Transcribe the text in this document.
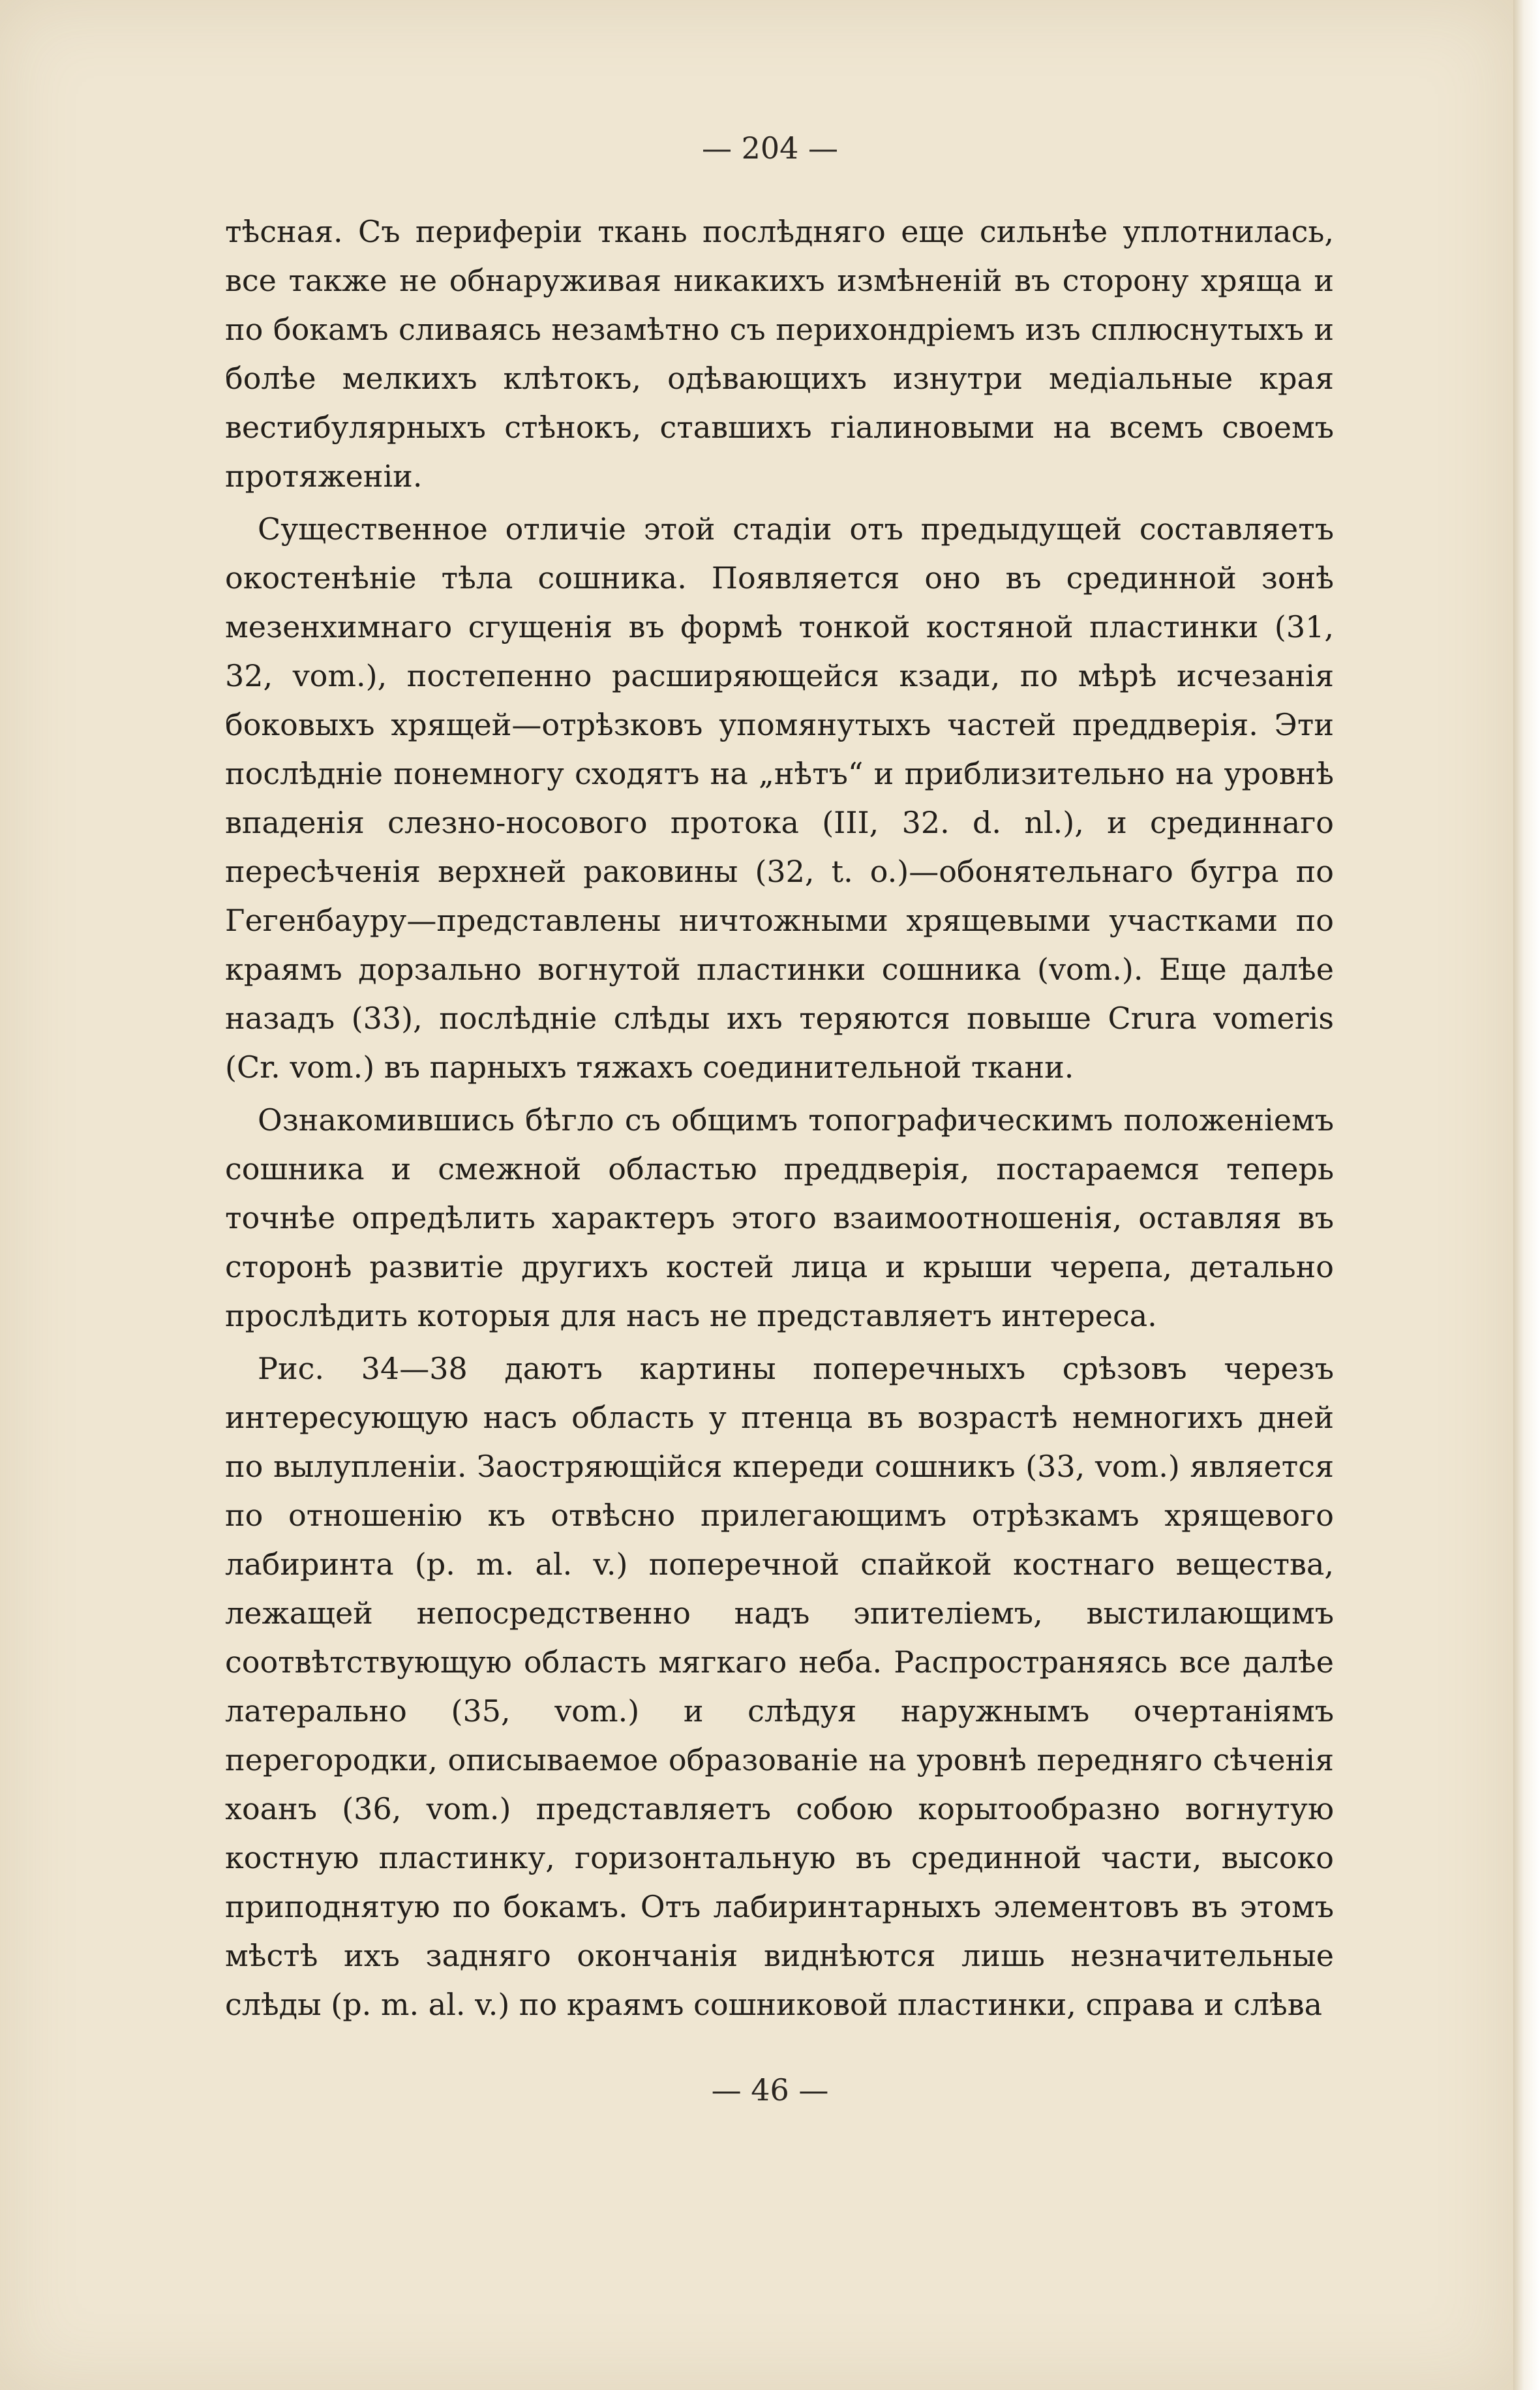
— 204 —

тѣсная. Съ периферіи ткань послѣдняго еще сильнѣе уплотнилась, все также не обнаруживая никакихъ измѣненій въ сторону хряща и по бокамъ сливаясь незамѣтно съ перихондріемъ изъ сплюснутыхъ и болѣе мелкихъ клѣтокъ, одѣвающихъ изнутри медіальные края вестибулярныхъ стѣнокъ, ставшихъ гіалиновыми на всемъ своемъ протяженіи.

Существенное отличіе этой стадіи отъ предыдущей составляетъ окостенѣніе тѣла сошника. Появляется оно въ срединной зонѣ мезенхимнаго сгущенія въ формѣ тонкой костяной пластинки (31, 32, vom.), постепенно расширяющейся кзади, по мѣрѣ исчезанія боковыхъ хрящей—отрѣзковъ упомянутыхъ частей преддверія. Эти послѣдніе понемногу сходятъ на „нѣтъ“ и приблизительно на уровнѣ впаденія слезно-носового протока (III, 32. d. nl.), и срединнаго пересѣченія верхней раковины (32, t. o.)—обонятельнаго бугра по Гегенбауру—представлены ничтожными хрящевыми участками по краямъ дорзально вогнутой пластинки сошника (vom.). Еще далѣе назадъ (33), послѣдніе слѣды ихъ теряются повыше Crura vomeris (Cr. vom.) въ парныхъ тяжахъ соединительной ткани.

Ознакомившись бѣгло съ общимъ топографическимъ положеніемъ сошника и смежной областью преддверія, постараемся теперь точнѣе опредѣлить характеръ этого взаимоотношенія, оставляя въ сторонѣ развитіе другихъ костей лица и крыши черепа, детально прослѣдить которыя для насъ не представляетъ интереса.

Рис. 34—38 даютъ картины поперечныхъ срѣзовъ черезъ интересующую насъ область у птенца въ возрастѣ немногихъ дней по вылупленіи. Заостряющійся кпереди сошникъ (33, vom.) является по отношенію къ отвѣсно прилегающимъ отрѣзкамъ хрящевого лабиринта (p. m. al. v.) поперечной спайкой костнаго вещества, лежащей непосредственно надъ эпителіемъ, выстилающимъ соотвѣтствующую область мягкаго неба. Распространяясь все далѣе латерально (35, vom.) и слѣдуя наружнымъ очертаніямъ перегородки, описываемое образованіе на уровнѣ передняго сѣченія хоанъ (36, vom.) представляетъ собою корытообразно вогнутую костную пластинку, горизонтальную въ срединной части, высоко приподнятую по бокамъ. Отъ лабиринтарныхъ элементовъ въ этомъ мѣстѣ ихъ задняго окончанія виднѣются лишь незначительные слѣды (p. m. al. v.) по краямъ сошниковой пластинки, справа и слѣва

— 46 —
